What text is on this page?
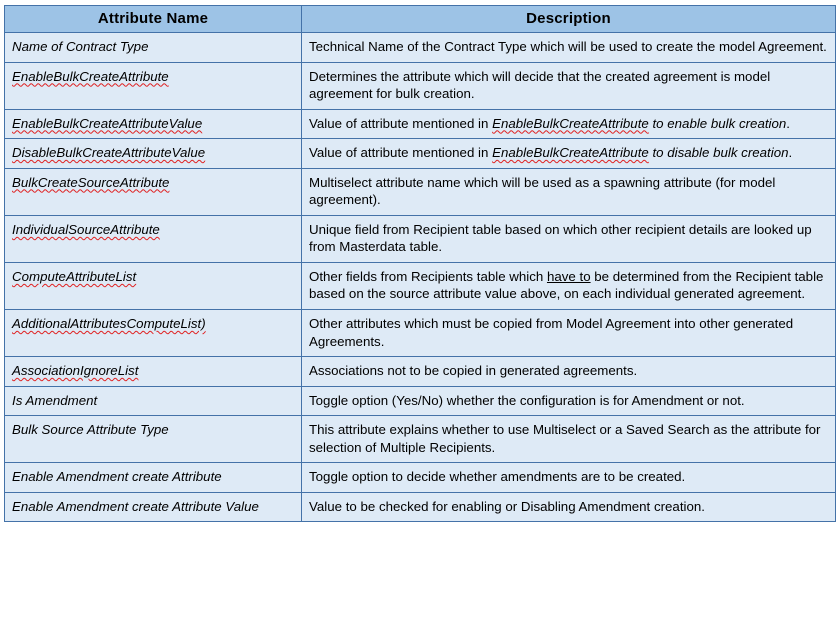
Attribute Name	Description
Name of Contract Type	Technical Name of the Contract Type which will be used to create the model Agreement.
EnableBulkCreateAttribute	Determines the attribute which will decide that the created agreement is model agreement for bulk creation.
EnableBulkCreateAttributeValue	Value of attribute mentioned in EnableBulkCreateAttribute to enable bulk creation.
DisableBulkCreateAttributeValue	Value of attribute mentioned in EnableBulkCreateAttribute to disable bulk creation.
BulkCreateSourceAttribute	Multiselect attribute name which will be used as a spawning attribute (for model agreement).
IndividualSourceAttribute	Unique field from Recipient table based on which other recipient details are looked up from Masterdata table.
ComputeAttributeList	Other fields from Recipients table which have to be determined from the Recipient table based on the source attribute value above, on each individual generated agreement.
AdditionalAttributesComputeList)	Other attributes which must be copied from Model Agreement into other generated Agreements.
AssociationIgnoreList	Associations not to be copied in generated agreements.
Is Amendment	Toggle option (Yes/No) whether the configuration is for Amendment or not.
Bulk Source Attribute Type	This attribute explains whether to use Multiselect or a Saved Search as the attribute for selection of Multiple Recipients.
Enable Amendment create Attribute	Toggle option to decide whether amendments are to be created.
Enable Amendment create Attribute Value	Value to be checked for enabling or Disabling Amendment creation.
